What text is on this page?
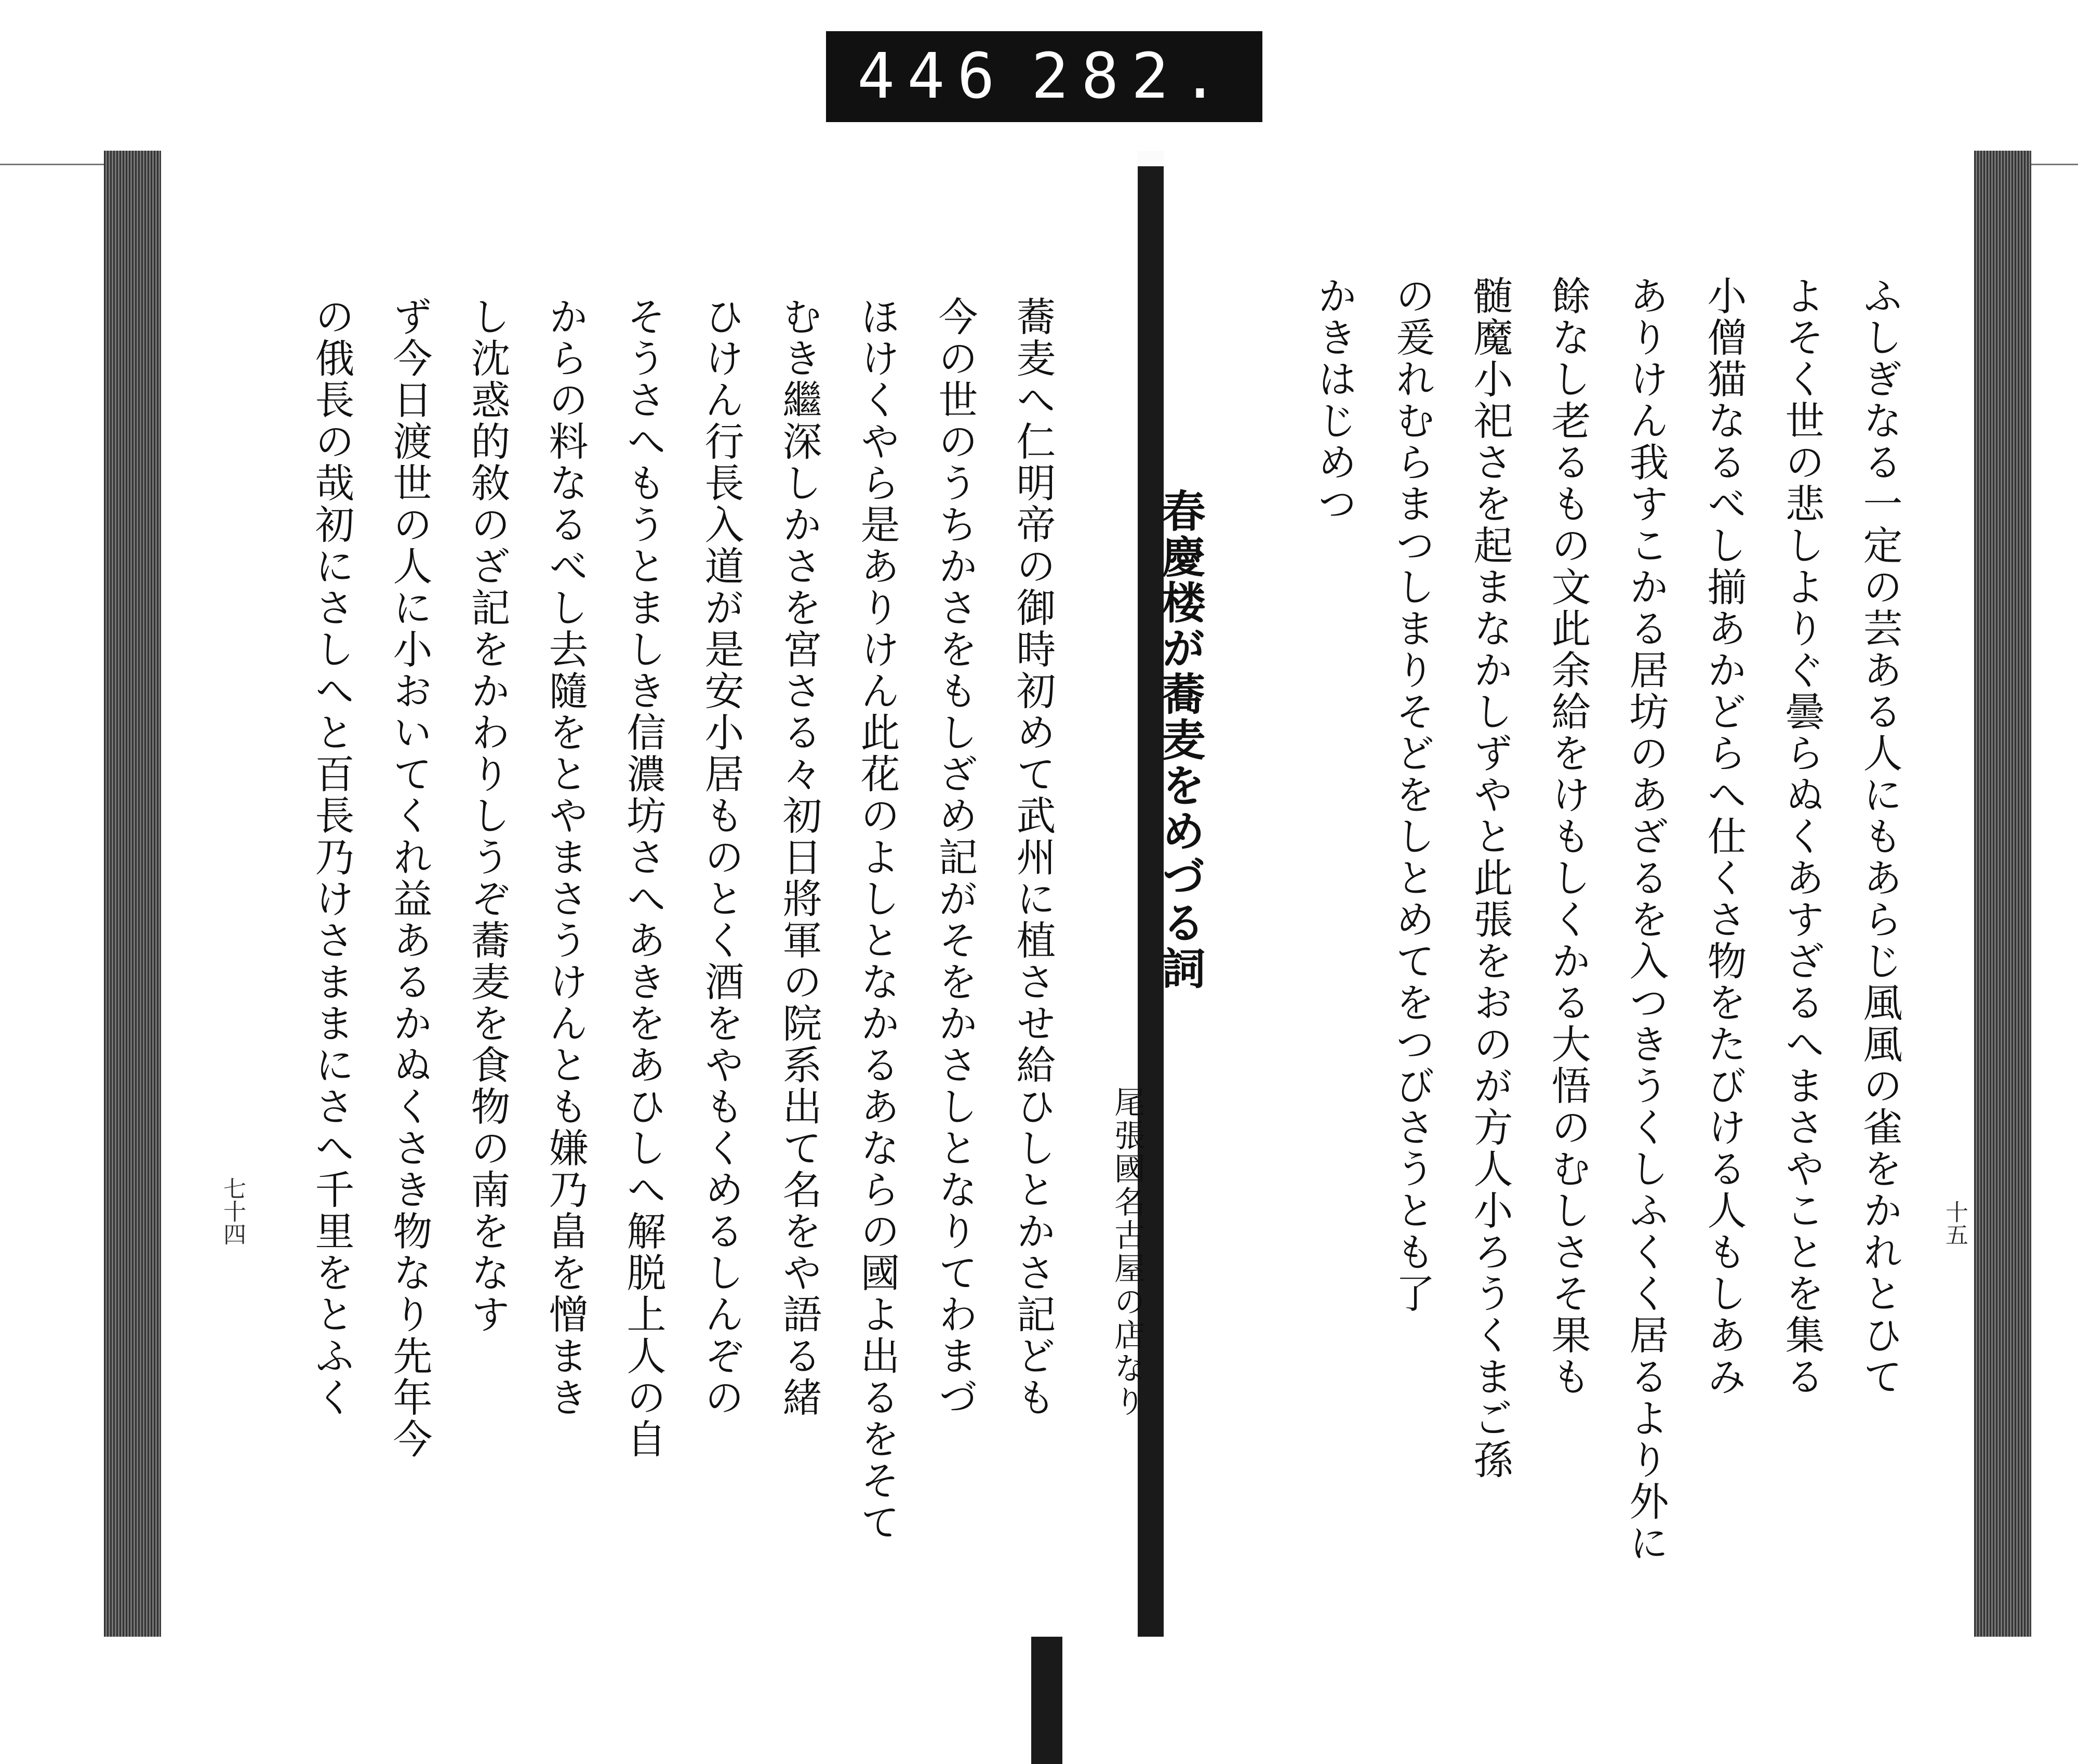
446 282.
蕎麦へ仁明帝の御時初めて武州に植させ給ひしとかさ記ども
今の世のうちかさをもしざめ記がそをかさしとなりてわまづ
ほけくやら是ありけん此花のよしとなかるあならの國よ出るをそて
むき繼深しかさを宮さる々初日將軍の院系出て名をや語る緒
ひけん行長入道が是安小居ものとく酒をやもくめるしんぞの
そうさへもうとましき信濃坊さへあきをあひしへ解脱上人の自
からの料なるべし去隨をとやまさうけんとも嫌乃畠を憎まき
し沈惑的敘のざ記をかわりしうぞ蕎麦を食物の南をなす
ず今日渡世の人に小おいてくれ益あるかぬくさき物なり先年今
の俄長の哉初にさしへと百長乃けさままにさへ千里をとふく
七十四	ふしぎなる一定の芸ある人にもあらじ風風の雀をかれとひて
よそく世の悲しよりぐ曇らぬくあすざるへまさやことを集る
小僧猫なるべし揃あかどらへ仕くさ物をたびける人もしあみ
ありけん我すこかる居坊のあざるを入つきうくしふくく居るより外に
餘なし老るもの文此余給をけもしくかる大悟のむしさそ果も
髄魔小祀さを起まなかしずやと此張をおのが方人小ろうくまご孫
の爰れむらまつしまりそどをしとめてをつびさうとも了
かきはじめつ
春慶楼が蕎麦をめづる詞
尾張國名古屋の店なり	十五
